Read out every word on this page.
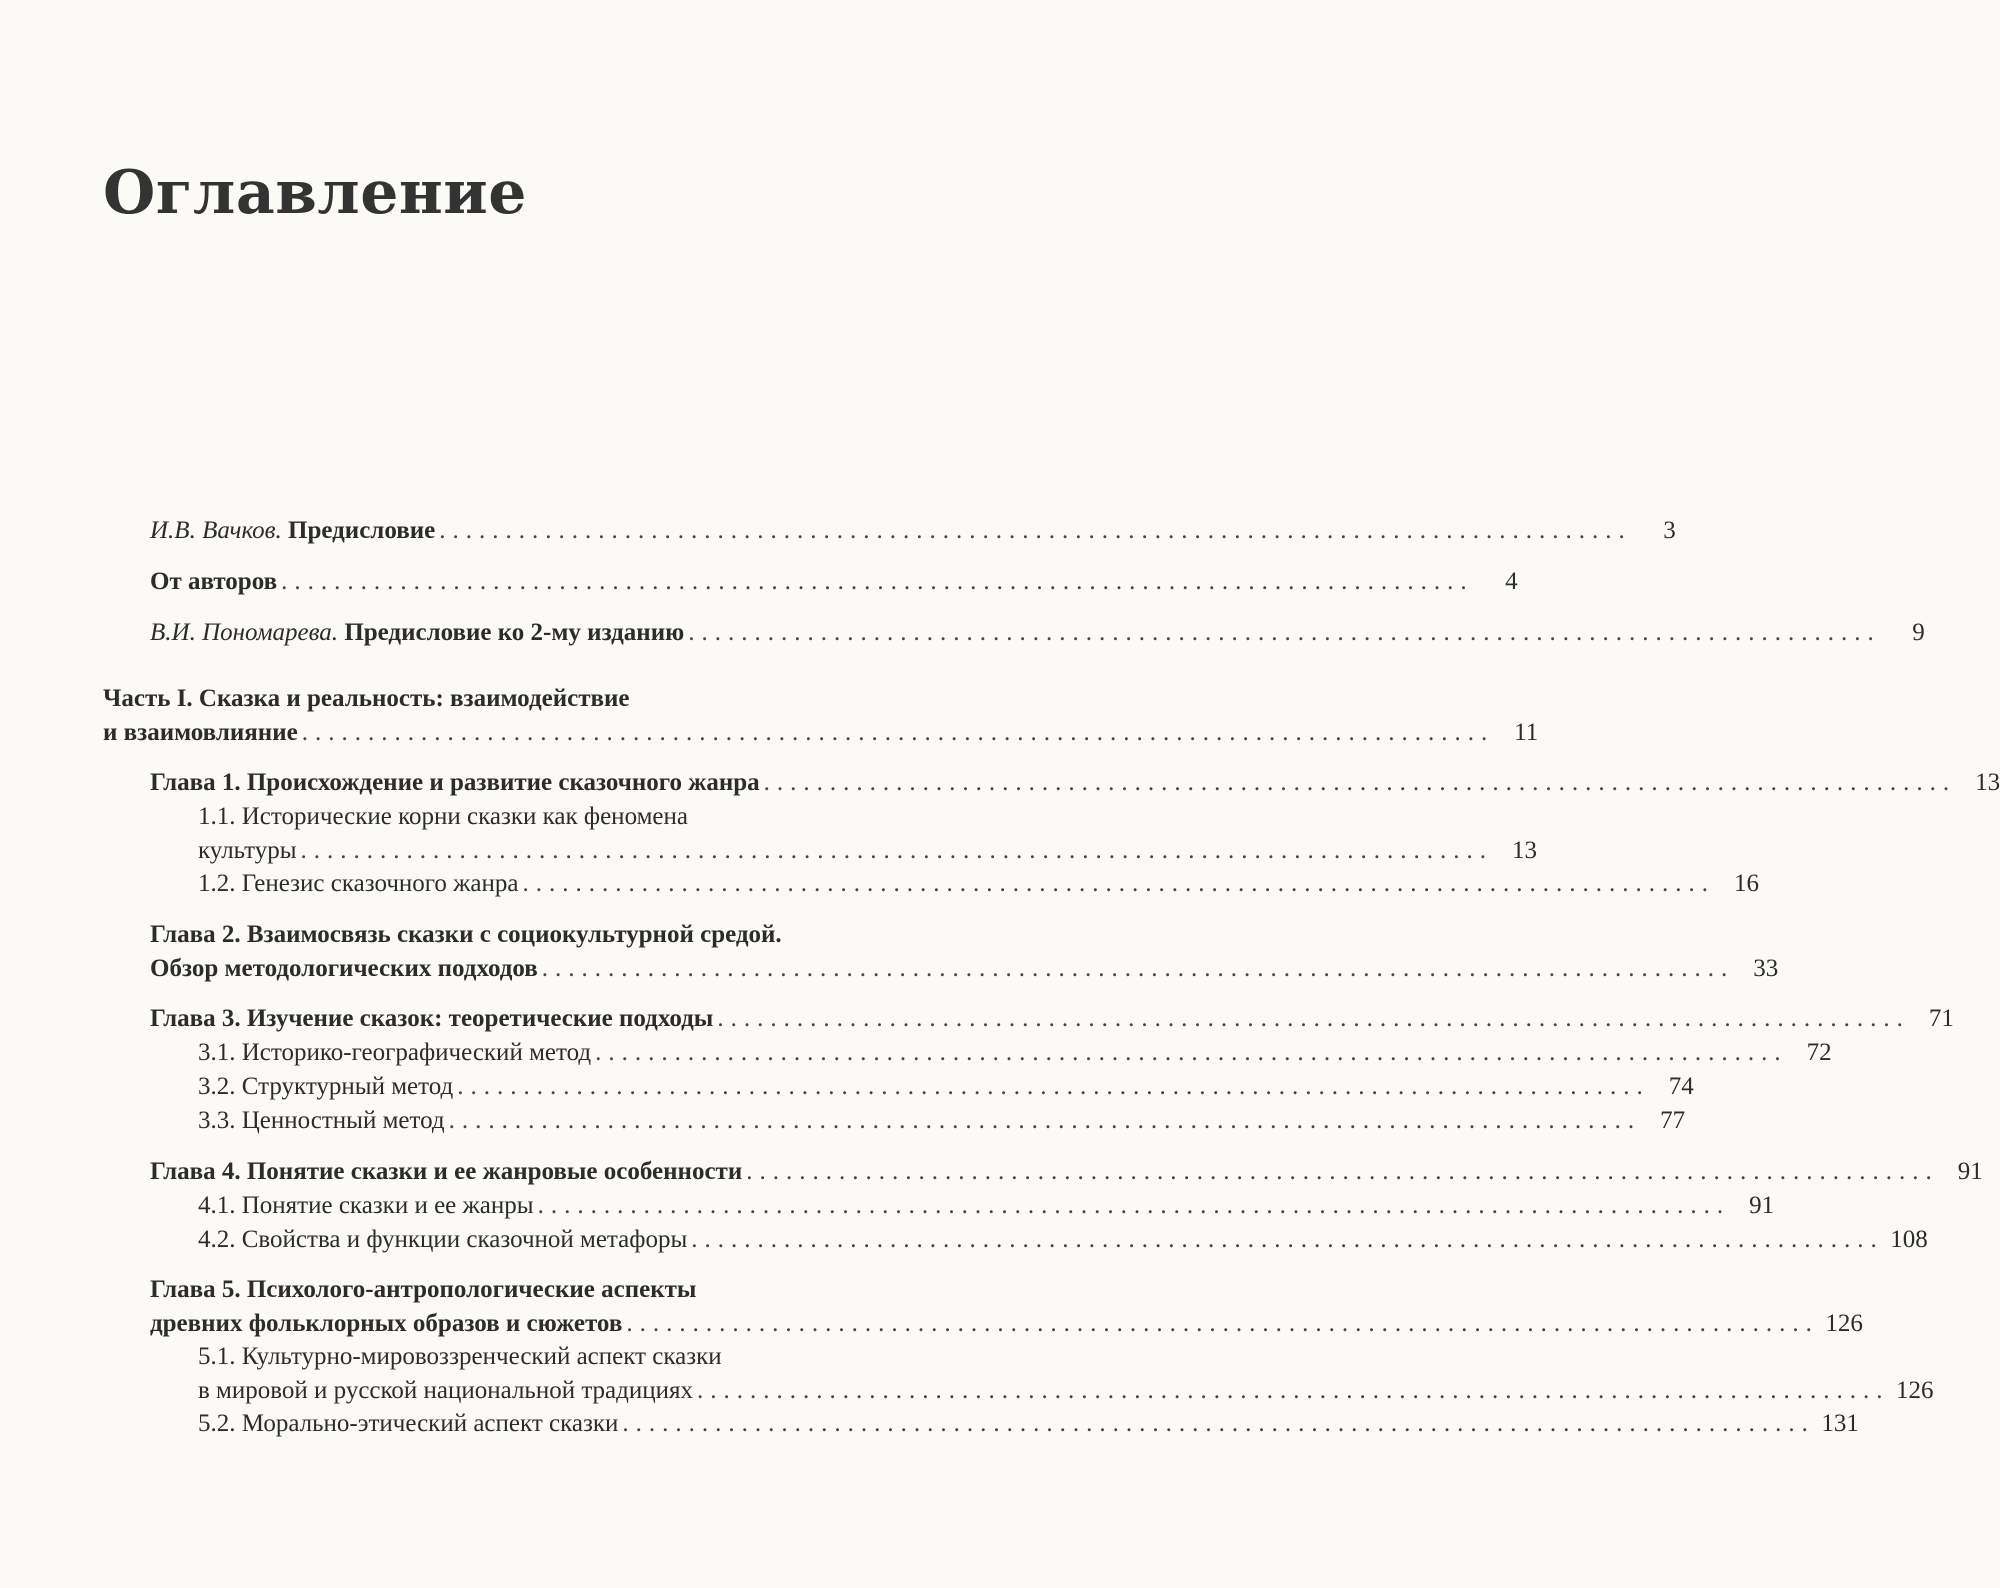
Оглавление
И.В. Вачков. Предисловие ..........................................................................................	3
От авторов ..........................................................................................	4
В.И. Пономарева. Предисловие ко 2-му изданию ..........................................................................................	9
Часть I. Сказка и реальность: взаимодействие
и взаимовлияние .......................................................................................... 11
Глава 1. Происхождение и развитие сказочного жанра .......................................................................................... 13
1.1. Исторические корни сказки как феномена
культуры .......................................................................................... 13
1.2. Генезис сказочного жанра .......................................................................................... 16
Глава 2. Взаимосвязь сказки с социокультурной средой.
Обзор методологических подходов .......................................................................................... 33
Глава 3. Изучение сказок: теоретические подходы .......................................................................................... 71
3.1. Историко-географический метод .......................................................................................... 72
3.2. Структурный метод .......................................................................................... 74
3.3. Ценностный метод .......................................................................................... 77
Глава 4. Понятие сказки и ее жанровые особенности .......................................................................................... 91
4.1. Понятие сказки и ее жанры .......................................................................................... 91
4.2. Свойства и функции сказочной метафоры .......................................................................................... 108
Глава 5. Психолого-антропологические аспекты
древних фольклорных образов и сюжетов .......................................................................................... 126
5.1. Культурно-мировоззренческий аспект сказки
в мировой и русской национальной традициях .......................................................................................... 126
5.2. Морально-этический аспект сказки .......................................................................................... 131
